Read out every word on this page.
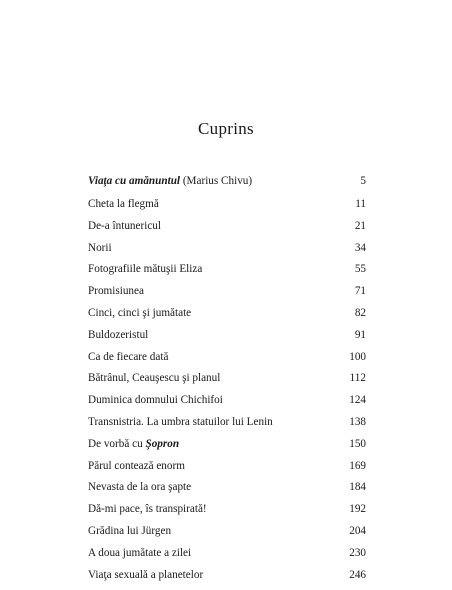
Cuprins
Viaţa cu amănuntul (Marius Chivu)	5
Cheta la flegmă	11
De-a întunericul	21
Norii	34
Fotografiile mătuşii Eliza	55
Promisiunea	71
Cinci, cinci şi jumătate	82
Buldozeristul	91
Ca de fiecare dată	100
Bătrânul, Ceauşescu şi planul	112
Duminica domnului Chichifoi	124
Transnistria. La umbra statuilor lui Lenin	138
De vorbă cu Şopron	150
Părul contează enorm	169
Nevasta de la ora şapte	184
Dă-mi pace, îs transpirată!	192
Grădina lui Jürgen	204
A doua jumătate a zilei	230
Viaţa sexuală a planetelor	246
